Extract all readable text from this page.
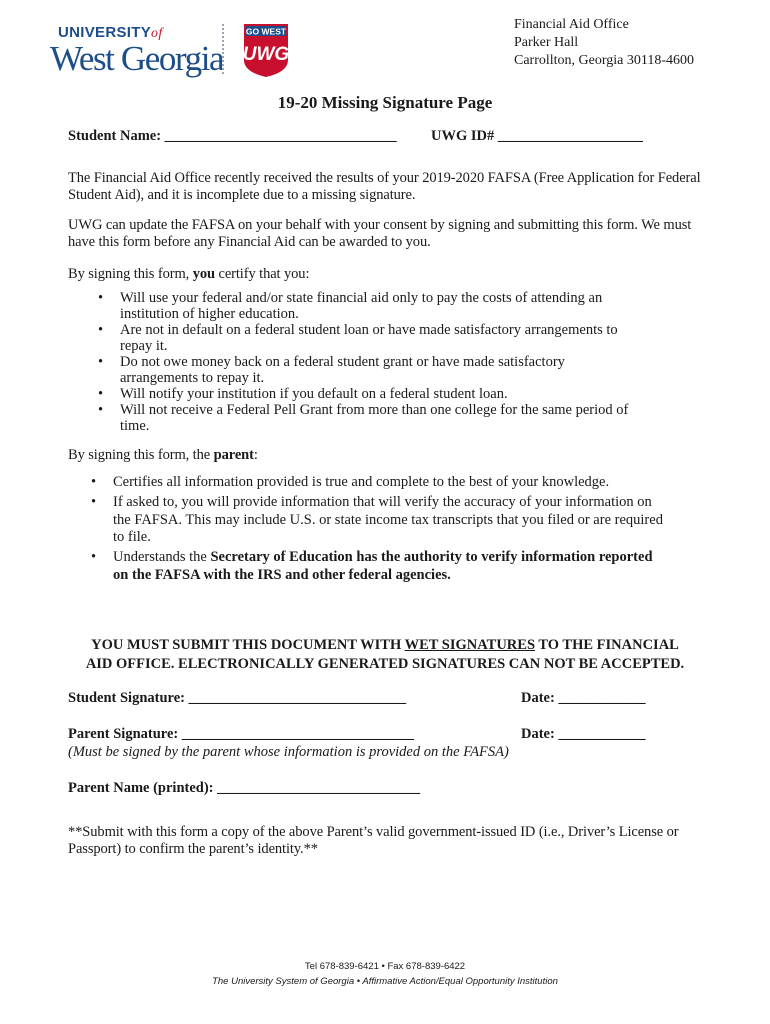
UNIVERSITYof
West Georgia
GO WEST
UWG
Financial Aid Office
Parker Hall
Carrollton, Georgia 30118-4600
19-20 Missing Signature Page
Student Name: ________________________________ UWG ID# ____________________
The Financial Aid Office recently received the results of your 2019-2020 FAFSA (Free Application for Federal Student Aid), and it is incomplete due to a missing signature.
UWG can update the FAFSA on your behalf with your consent by signing and submitting this form. We must have this form before any Financial Aid can be awarded to you.
By signing this form, you certify that you:
• Will use your federal and/or state financial aid only to pay the costs of attending an institution of higher education.
• Are not in default on a federal student loan or have made satisfactory arrangements to repay it.
• Do not owe money back on a federal student grant or have made satisfactory arrangements to repay it.
• Will notify your institution if you default on a federal student loan.
• Will not receive a Federal Pell Grant from more than one college for the same period of time.
By signing this form, the parent:
• Certifies all information provided is true and complete to the best of your knowledge.
• If asked to, you will provide information that will verify the accuracy of your information on the FAFSA. This may include U.S. or state income tax transcripts that you filed or are required to file.
• Understands the Secretary of Education has the authority to verify information reported on the FAFSA with the IRS and other federal agencies.
YOU MUST SUBMIT THIS DOCUMENT WITH WET SIGNATURES TO THE FINANCIAL
AID OFFICE. ELECTRONICALLY GENERATED SIGNATURES CAN NOT BE ACCEPTED.
Student Signature: ______________________________	Date: ____________
Parent Signature: ________________________________	Date: ____________
(Must be signed by the parent whose information is provided on the FAFSA)
Parent Name (printed): ____________________________
**Submit with this form a copy of the above Parent’s valid government-issued ID (i.e., Driver’s License or Passport) to confirm the parent’s identity.**
Tel 678-839-6421 • Fax 678-839-6422
The University System of Georgia • Affirmative Action/Equal Opportunity Institution
